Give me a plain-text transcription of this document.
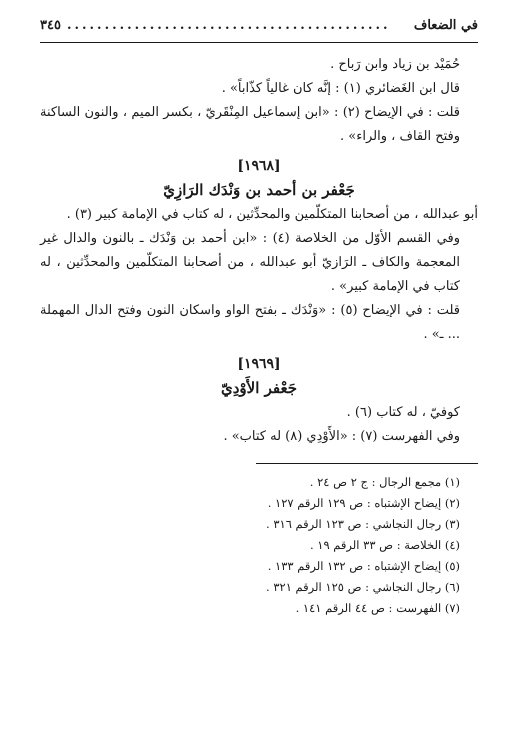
في الضعاف
...........................................
٣٤٥

حُمَيْد بن زياد وابن رَباح .

قال ابن الغَضائري (١) : إنَّه كان غالياً كذّاباً» .

قلت : في الإيضاح (٢) : «ابن إسماعيل المِنْقَريّ ، بكسر الميم ، والنون الساكنة وفتح القاف ، والراء» .

[١٩٦٨]
جَعْفر بن أحمد بن وَنْدَك الرَازِيّ

أبو عبدالله ، من أصحابنا المتكلّمين والمحدِّثين ، له كتاب في الإمامة كبير (٣) .

وفي القسم الأوّل من الخلاصة (٤) : «ابن أحمد بن وَنْدَك ـ بالنون والدال غير المعجمة والكاف ـ الرَازيّ أبو عبدالله ، من أصحابنا المتكلّمين والمحدِّثين ، له كتاب في الإمامة كبير» .

قلت : في الإيضاح (٥) : «وَنْدَك ـ بفتح الواو واسكان النون وفتح الدال المهملة ... ـ» .

[١٩٦٩]
جَعْفر الأَوْدِيّ

كوفيّ ، له كتاب (٦) .

وفي الفهرست (٧) : «الأَوْدِي (٨) له كتاب» .

(١) مجمع الرجال : ج ٢ ص ٢٤ .
(٢) إيضاح الإشتباه : ص ١٢٩ الرقم ١٢٧ .
(٣) رجال النجاشي : ص ١٢٣ الرقم ٣١٦ .
(٤) الخلاصة : ص ٣٣ الرقم ١٩ .
(٥) إيضاح الإشتباه : ص ١٣٢ الرقم ١٣٣ .
(٦) رجال النجاشي : ص ١٢٥ الرقم ٣٢١ .
(٧) الفهرست : ص ٤٤ الرقم ١٤١ .
